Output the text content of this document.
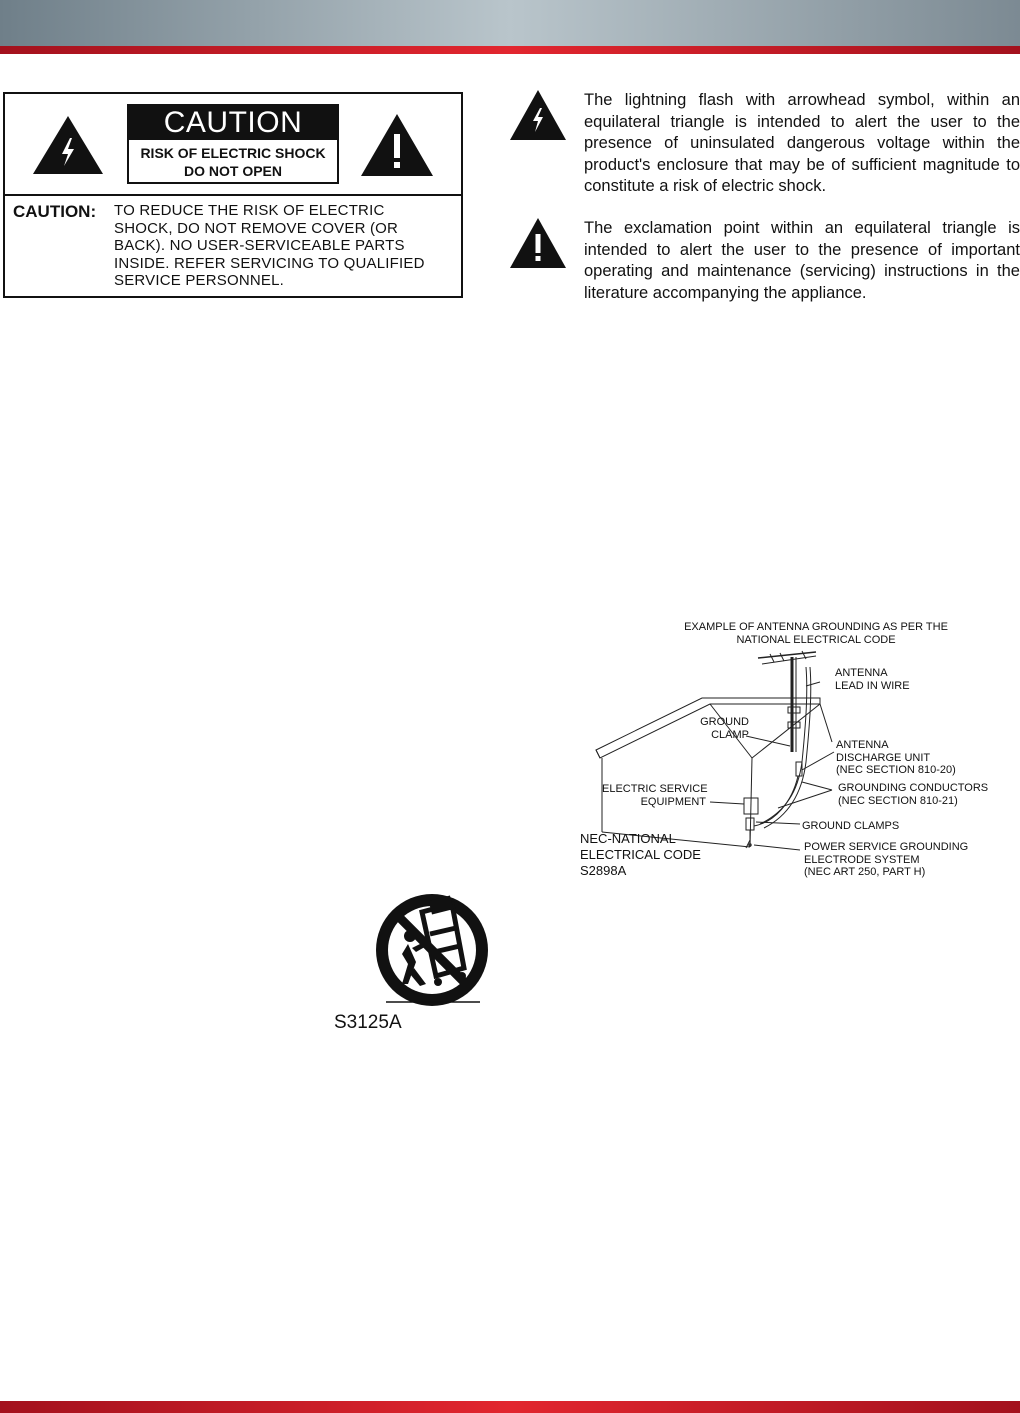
CAUTION
RISK OF ELECTRIC SHOCK
DO NOT OPEN
CAUTION: TO REDUCE THE RISK OF ELECTRIC
SHOCK, DO NOT REMOVE COVER (OR
BACK). NO USER-SERVICEABLE PARTS
INSIDE. REFER SERVICING TO QUALIFIED
SERVICE PERSONNEL.
The lightning flash with arrowhead symbol, within an equilateral triangle is intended to alert the user to the presence of uninsulated dangerous voltage within the product's enclosure that may be of sufficient magnitude to constitute a risk of electric shock.
The exclamation point within an equilateral triangle is intended to alert the user to the presence of important operating and maintenance (servicing) instructions in the literature accompanying the appliance.
EXAMPLE OF ANTENNA GROUNDING AS PER THE
NATIONAL ELECTRICAL CODE
ANTENNA
LEAD IN WIRE
GROUND
CLAMP
ANTENNA
DISCHARGE UNIT
(NEC SECTION 810-20)
ELECTRIC SERVICE
EQUIPMENT
GROUNDING CONDUCTORS
(NEC SECTION 810-21)
GROUND CLAMPS
POWER SERVICE GROUNDING
ELECTRODE SYSTEM
(NEC ART 250, PART H)
NEC-NATIONAL
ELECTRICAL CODE
S2898A
S3125A
